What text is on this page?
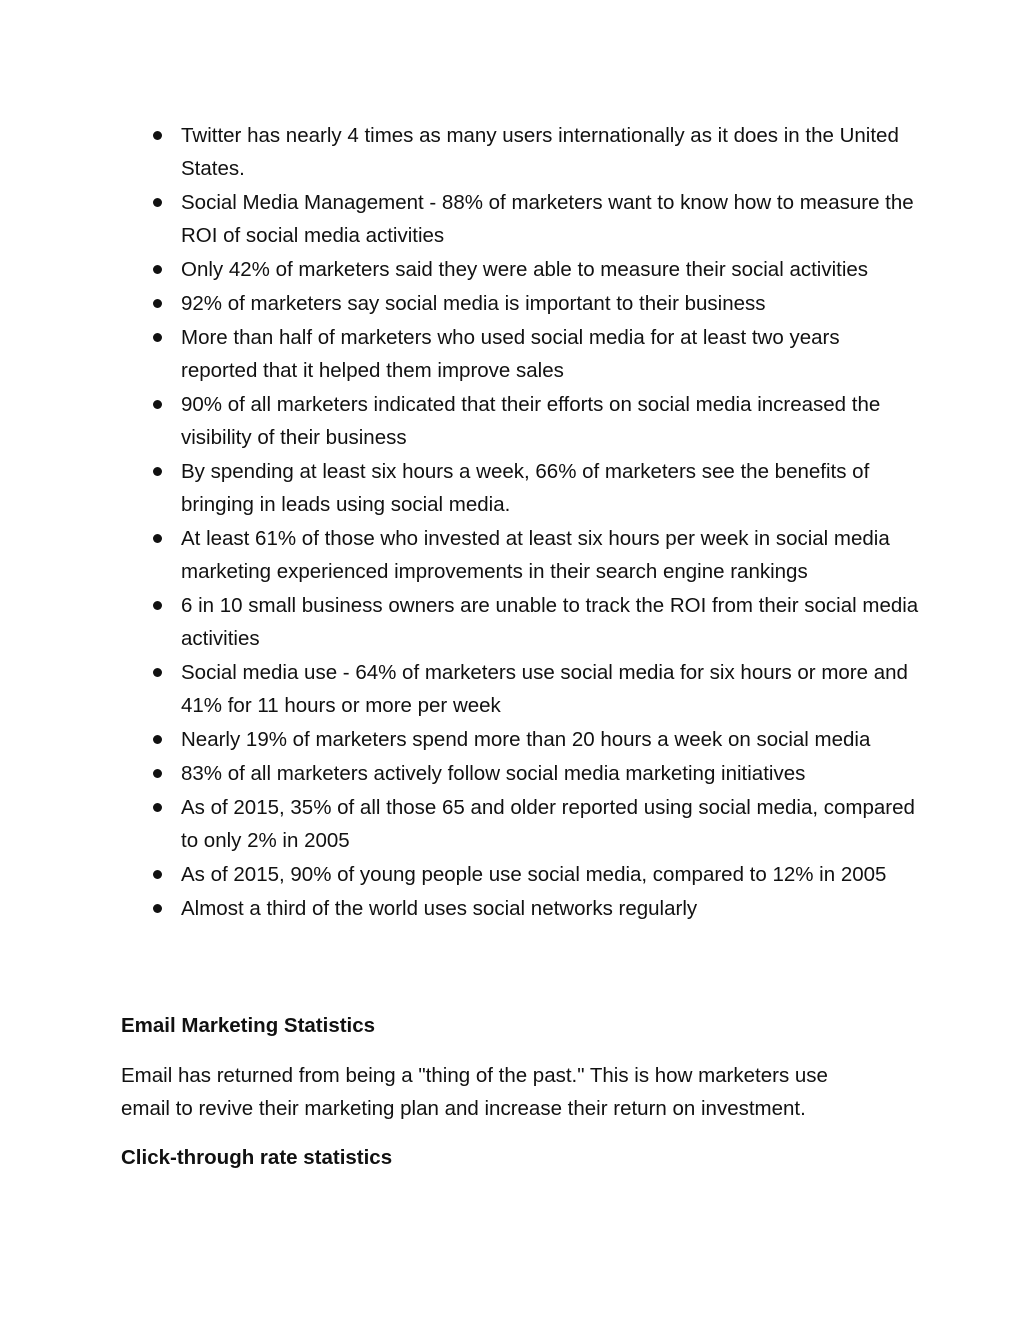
Twitter has nearly 4 times as many users internationally as it does in the United States.
Social Media Management - 88% of marketers want to know how to measure the ROI of social media activities
Only 42% of marketers said they were able to measure their social activities
92% of marketers say social media is important to their business
More than half of marketers who used social media for at least two years reported that it helped them improve sales
90% of all marketers indicated that their efforts on social media increased the visibility of their business
By spending at least six hours a week, 66% of marketers see the benefits of bringing in leads using social media.
At least 61% of those who invested at least six hours per week in social media marketing experienced improvements in their search engine rankings
6 in 10 small business owners are unable to track the ROI from their social media activities
Social media use - 64% of marketers use social media for six hours or more and 41% for 11 hours or more per week
Nearly 19% of marketers spend more than 20 hours a week on social media
83% of all marketers actively follow social media marketing initiatives
As of 2015, 35% of all those 65 and older reported using social media, compared to only 2% in 2005
As of 2015, 90% of young people use social media, compared to 12% in 2005
Almost a third of the world uses social networks regularly
Email Marketing Statistics

Email has returned from being a "thing of the past." This is how marketers use email to revive their marketing plan and increase their return on investment.

Click-through rate statistics
